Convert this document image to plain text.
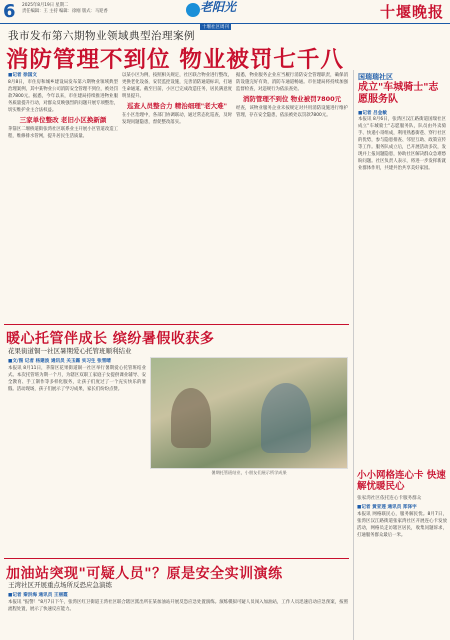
6 2025年8月19日 星期二
责任编辑：王 主持 编辑：徐刚 版式：马迎香	老阳光
十堰社区周刊
十堰晚报
我市发布第六期物业领域典型治理案例
消防管理不到位 物业被罚七千八
■记者 徐国文
8月8日，市住房和城乡建设局发布第六期物业领域典型治理案例，其中某物业公司消防安全管理不到位，被处罚款7800元。据悉，今年以来，市住建局持续推进物业服务质量提升行动，对群众反映强烈的问题开展专项整治，切实维护业主合法权益。
三家单位整改 老旧小区换新颜
茅箭区二堰桥道街张湾社区联系业主开展小区管道改造工程，维修排水管网，提升居民生活质量。
以某小区为例，按照相关规定，社区联合物业进行整改，更换老化设备，安装监控设施，完善消防通道标识，打通生命通道。截至目前，小区已完成改造任务，居民满意度明显提升。
巡查人员整合力 精治细理"老大难"
在小区治理中，各部门协调联动，通过常态化巡查，及时发现问题隐患，督促整改落实。
据悉，物业服务企业应当履行消防安全管理职责，确保消防设施完好有效，消防车通道畅通。市住建局将持续加强监督检查，对违规行为依法查处。
消防管理不到位 物业被罚7800元
经查，该物业服务企业未按规定对共用消防设施进行维护管理，存在安全隐患，依法被处以罚款7800元。
国瑞瑞社区
成立"车城骑士"志愿服务队
■记者 吕金敏
本报讯 8月6日，张湾区汉江路街道国瑞社区成立"车城骑士"志愿服务队，队员由外卖骑手、快递小哥组成，利用熟悉街巷、穿行社区的优势，参与隐患排查、邻里互助、政策宣传等工作。服务队成立后，已开展活动多次，发现并上报问题隐患，协助社区解决群众急难愁盼问题。社区负责人表示，将进一步发挥新就业群体作用，共建共治共享美好家园。
暖心托管伴成长 缤纷暑假收获多
花果街道铜一社区暑期爱心托管班顺利结业
■文/图 记者 杨建波 通讯员 关玉霜 实习生 张雪晴
本报讯 8月11日，茅箭区花果街道铜一社区举行暑期爱心托管班结业式。本次托管班为期一个月，为辖区双职工家庭子女提供课业辅导、安全教育、手工制作等多样化服务，让孩子们度过了一个充实快乐的暑假。活动现场，孩子们展示了学习成果，家长们纷纷点赞。
暑期托管班结业，小朋友们展示所学成果
加油站突现"可疑人员"？原是安全实训演练
王湾社区开展重点场所反恐应急演练
■记者 秦洪海 通讯员 王丽霞
本报讯 "报警！"8月7日下午，张湾区红卫街道王湾社区联合辖区派出所在某加油站开展反恐应急处置演练。演练模拟可疑人员闯入加油站，工作人员迅速启动应急预案，按照流程处置，展示了快速反应能力。
小小网格连心卡 快速解忧暖民心
张家湾社区依托连心卡服务群众
■记者 黄亚莲 通讯员 郑泽宇
本报讯 网格联民心，服务解民忧。8月7日，张湾区汉江路街道张家湾社区开展连心卡发放活动，网格员走访辖区居民，收集问题诉求，打通服务群众最后一米。
